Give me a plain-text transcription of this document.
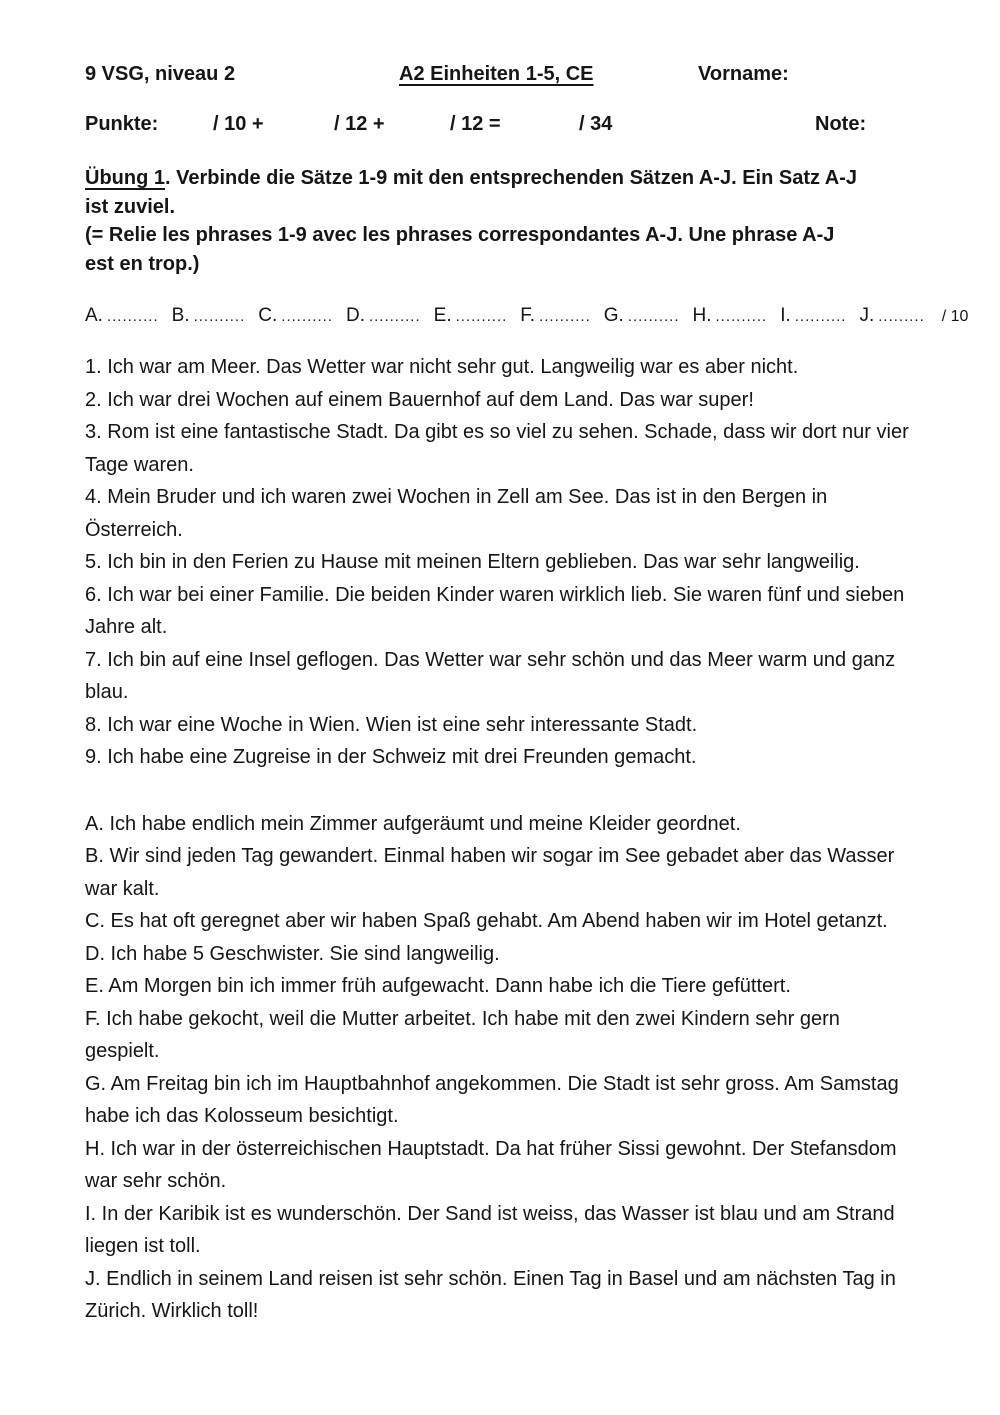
9 VSG, niveau 2	A2 Einheiten 1-5, CE	Vorname:
Punkte:	/ 10 +	/ 12 +	/ 12 =	/ 34	Note:
Übung 1. Verbinde die Sätze 1-9 mit den entsprechenden Sätzen A-J. Ein Satz A-J ist zuviel.
(= Relie les phrases 1-9 avec les phrases correspondantes A-J. Une phrase A-J est en trop.)
A. .......... B. .......... C. .......... D. .......... E. .......... F. .......... G. .......... H. .......... I. .......... J. ......... / 10

1. Ich war am Meer. Das Wetter war nicht sehr gut. Langweilig war es aber nicht.

2. Ich war drei Wochen auf einem Bauernhof auf dem Land. Das war super!

3. Rom ist eine fantastische Stadt. Da gibt es so viel zu sehen. Schade, dass wir dort nur vier Tage waren.

4. Mein Bruder und ich waren zwei Wochen in Zell am See. Das ist in den Bergen in Österreich.

5. Ich bin in den Ferien zu Hause mit meinen Eltern geblieben. Das war sehr langweilig.

6. Ich war bei einer Familie. Die beiden Kinder waren wirklich lieb. Sie waren fünf und sieben Jahre alt.

7. Ich bin auf eine Insel geflogen. Das Wetter war sehr schön und das Meer warm und ganz blau.

8. Ich war eine Woche in Wien. Wien ist eine sehr interessante Stadt.

9. Ich habe eine Zugreise in der Schweiz mit drei Freunden gemacht.

A. Ich habe endlich mein Zimmer aufgeräumt und meine Kleider geordnet.

B. Wir sind jeden Tag gewandert. Einmal haben wir sogar im See gebadet aber das Wasser war kalt.

C. Es hat oft geregnet aber wir haben Spaß gehabt. Am Abend haben wir im Hotel getanzt.

D. Ich habe 5 Geschwister. Sie sind langweilig.

E. Am Morgen bin ich immer früh aufgewacht. Dann habe ich die Tiere gefüttert.

F. Ich habe gekocht, weil die Mutter arbeitet. Ich habe mit den zwei Kindern sehr gern gespielt.

G. Am Freitag bin ich im Hauptbahnhof angekommen. Die Stadt ist sehr gross. Am Samstag habe ich das Kolosseum besichtigt.

H. Ich war in der österreichischen Hauptstadt. Da hat früher Sissi gewohnt. Der Stefansdom war sehr schön.

I. In der Karibik ist es wunderschön. Der Sand ist weiss, das Wasser ist blau und am Strand liegen ist toll.

J. Endlich in seinem Land reisen ist sehr schön. Einen Tag in Basel und am nächsten Tag in Zürich. Wirklich toll!
